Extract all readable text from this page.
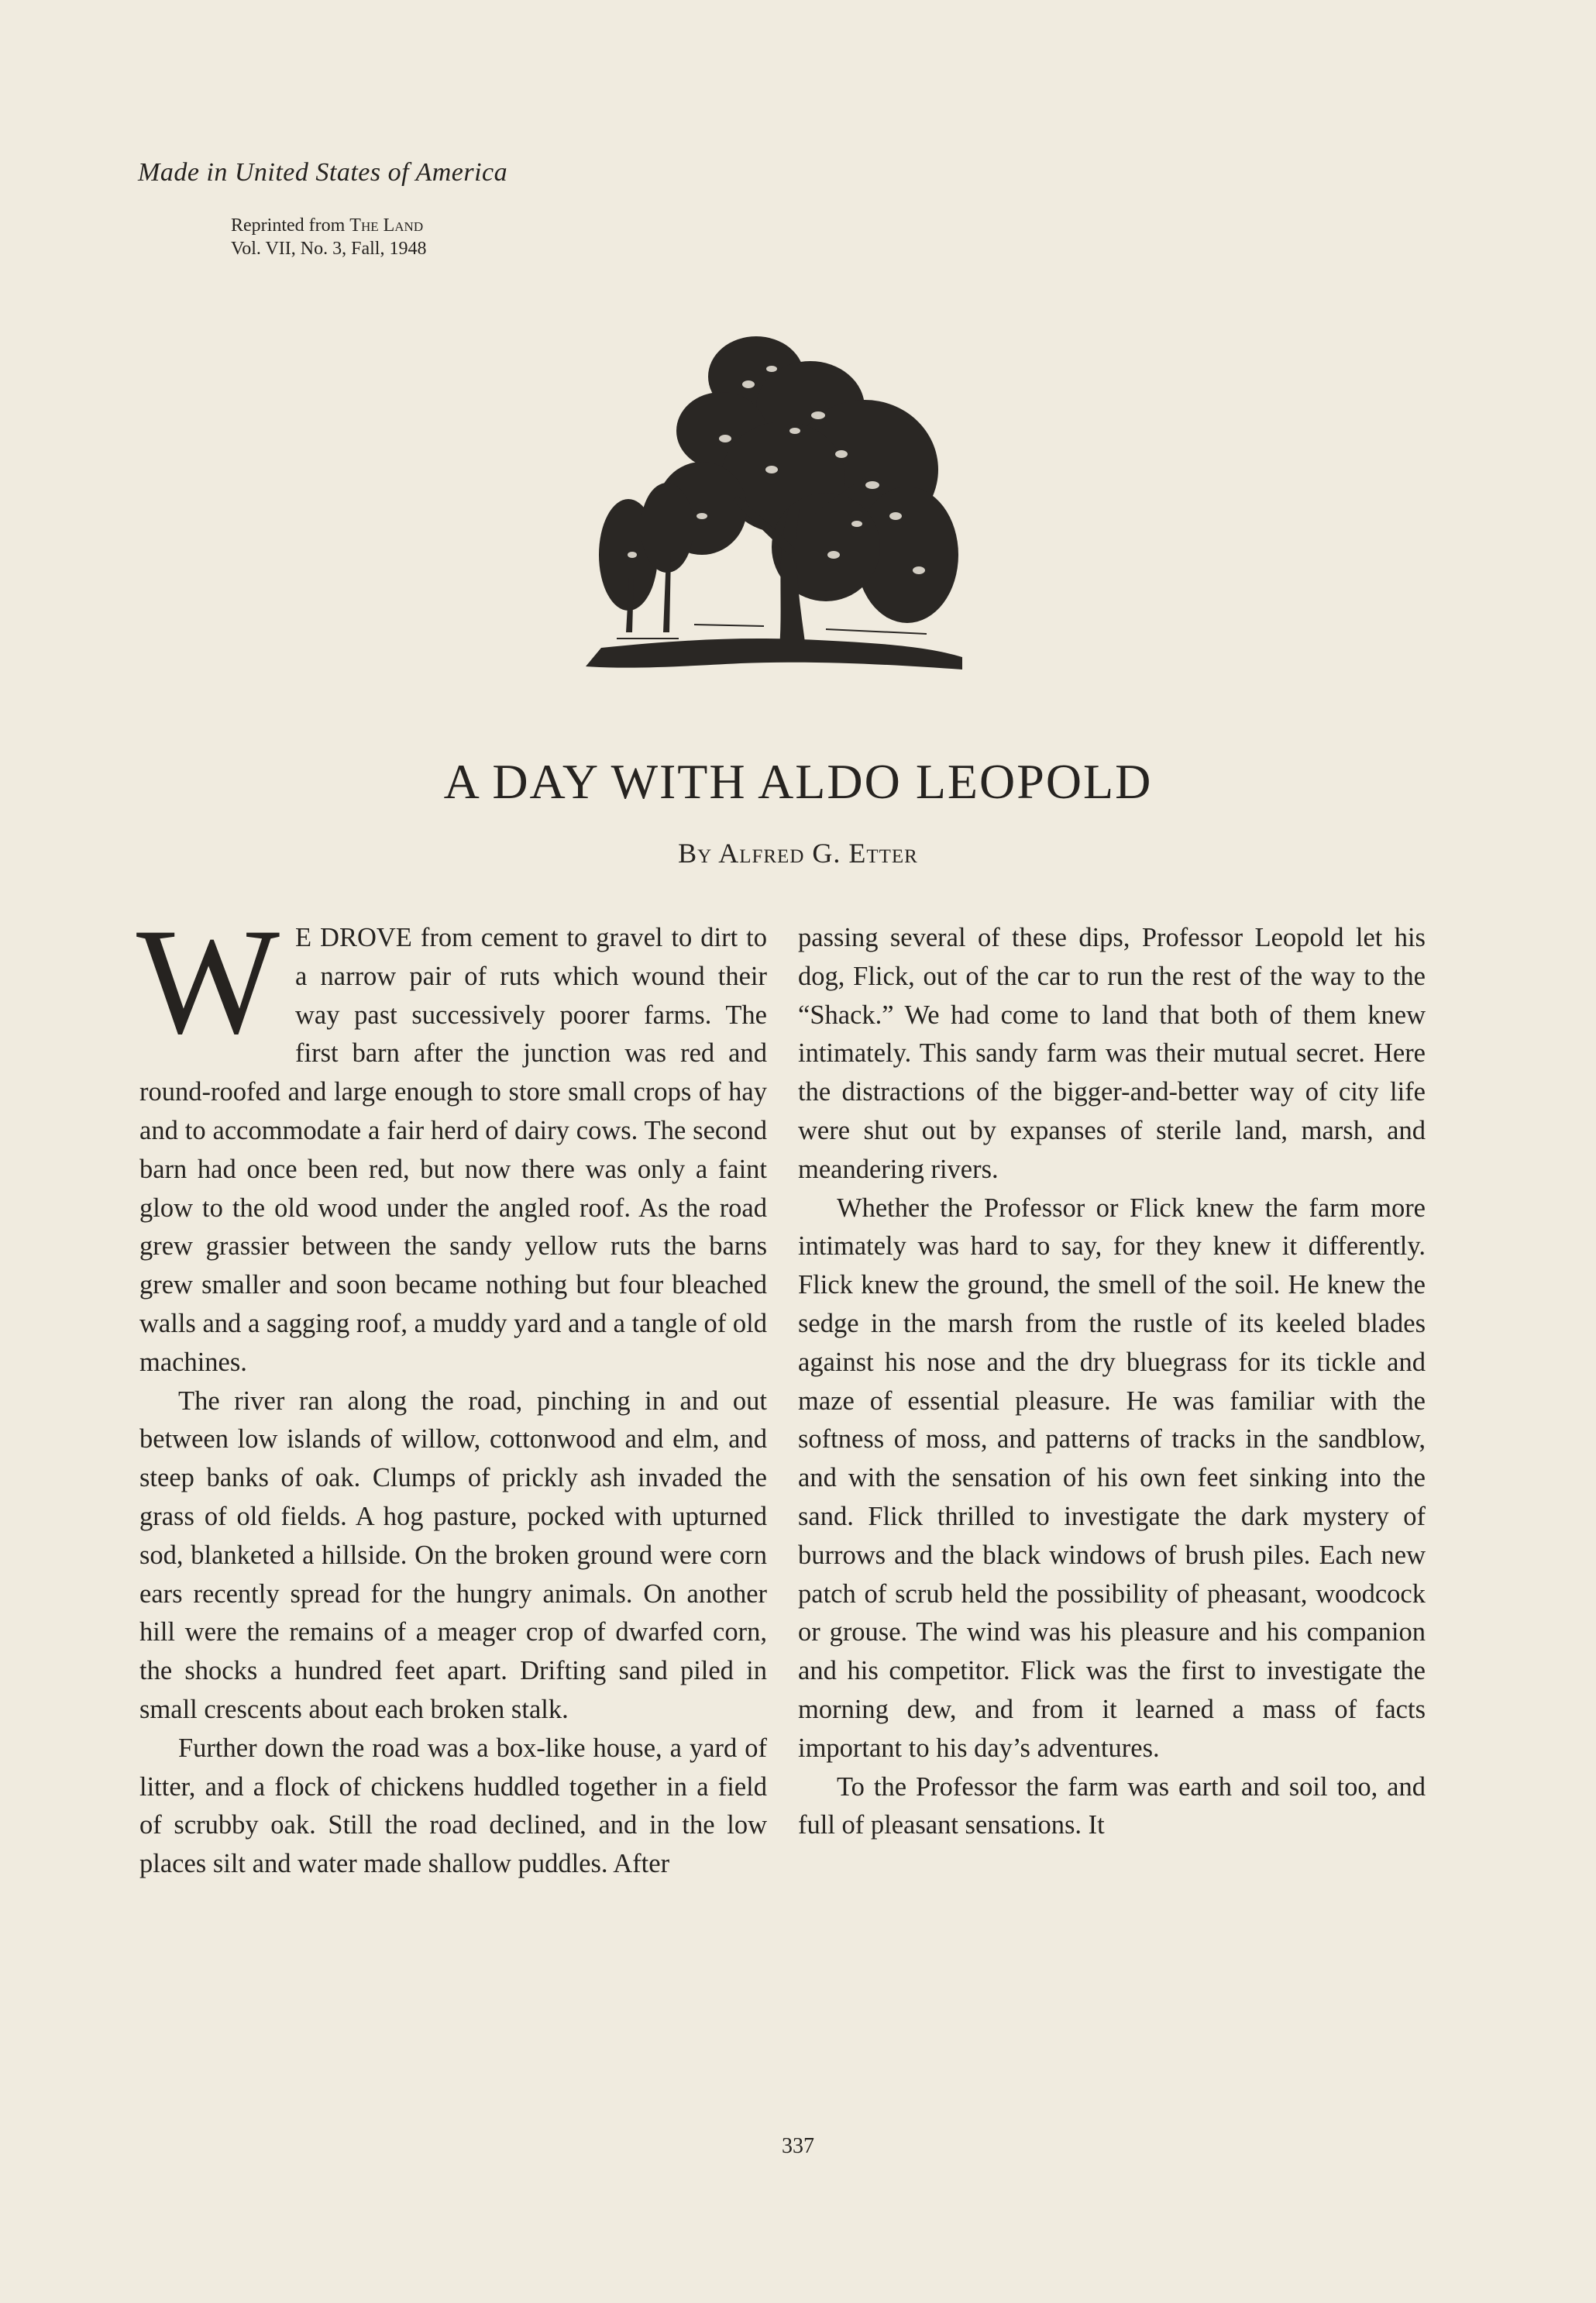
Made in United States of America
Reprinted from The Land
Vol. VII, No. 3, Fall, 1948
A DAY WITH ALDO LEOPOLD
By Alfred G. Etter

W E DROVE from cement to gravel to dirt to a narrow pair of ruts which wound their way past successively poorer farms. The first barn after the junction was red and round-roofed and large enough to store small crops of hay and to accommodate a fair herd of dairy cows. The second barn had once been red, but now there was only a faint glow to the old wood under the angled roof. As the road grew grassier between the sandy yellow ruts the barns grew smaller and soon became nothing but four bleached walls and a sagging roof, a muddy yard and a tangle of old machines.

The river ran along the road, pinching in and out between low islands of willow, cottonwood and elm, and steep banks of oak. Clumps of prickly ash invaded the grass of old fields. A hog pasture, pocked with upturned sod, blanketed a hillside. On the broken ground were corn ears recently spread for the hungry animals. On another hill were the remains of a meager crop of dwarfed corn, the shocks a hundred feet apart. Drifting sand piled in small crescents about each broken stalk.

Further down the road was a box-like house, a yard of litter, and a flock of chickens huddled together in a field of scrubby oak. Still the road declined, and in the low places silt and water made shallow puddles. After

passing several of these dips, Professor Leopold let his dog, Flick, out of the car to run the rest of the way to the “Shack.” We had come to land that both of them knew intimately. This sandy farm was their mutual secret. Here the distractions of the bigger-and-better way of city life were shut out by expanses of sterile land, marsh, and meandering rivers.

Whether the Professor or Flick knew the farm more intimately was hard to say, for they knew it differently. Flick knew the ground, the smell of the soil. He knew the sedge in the marsh from the rustle of its keeled blades against his nose and the dry bluegrass for its tickle and maze of essential pleasure. He was familiar with the softness of moss, and patterns of tracks in the sandblow, and with the sensation of his own feet sinking into the sand. Flick thrilled to investigate the dark mystery of burrows and the black windows of brush piles. Each new patch of scrub held the possibility of pheasant, woodcock or grouse. The wind was his pleasure and his companion and his competitor. Flick was the first to investigate the morning dew, and from it learned a mass of facts important to his day’s adventures.

To the Professor the farm was earth and soil too, and full of pleasant sensations. It

337
